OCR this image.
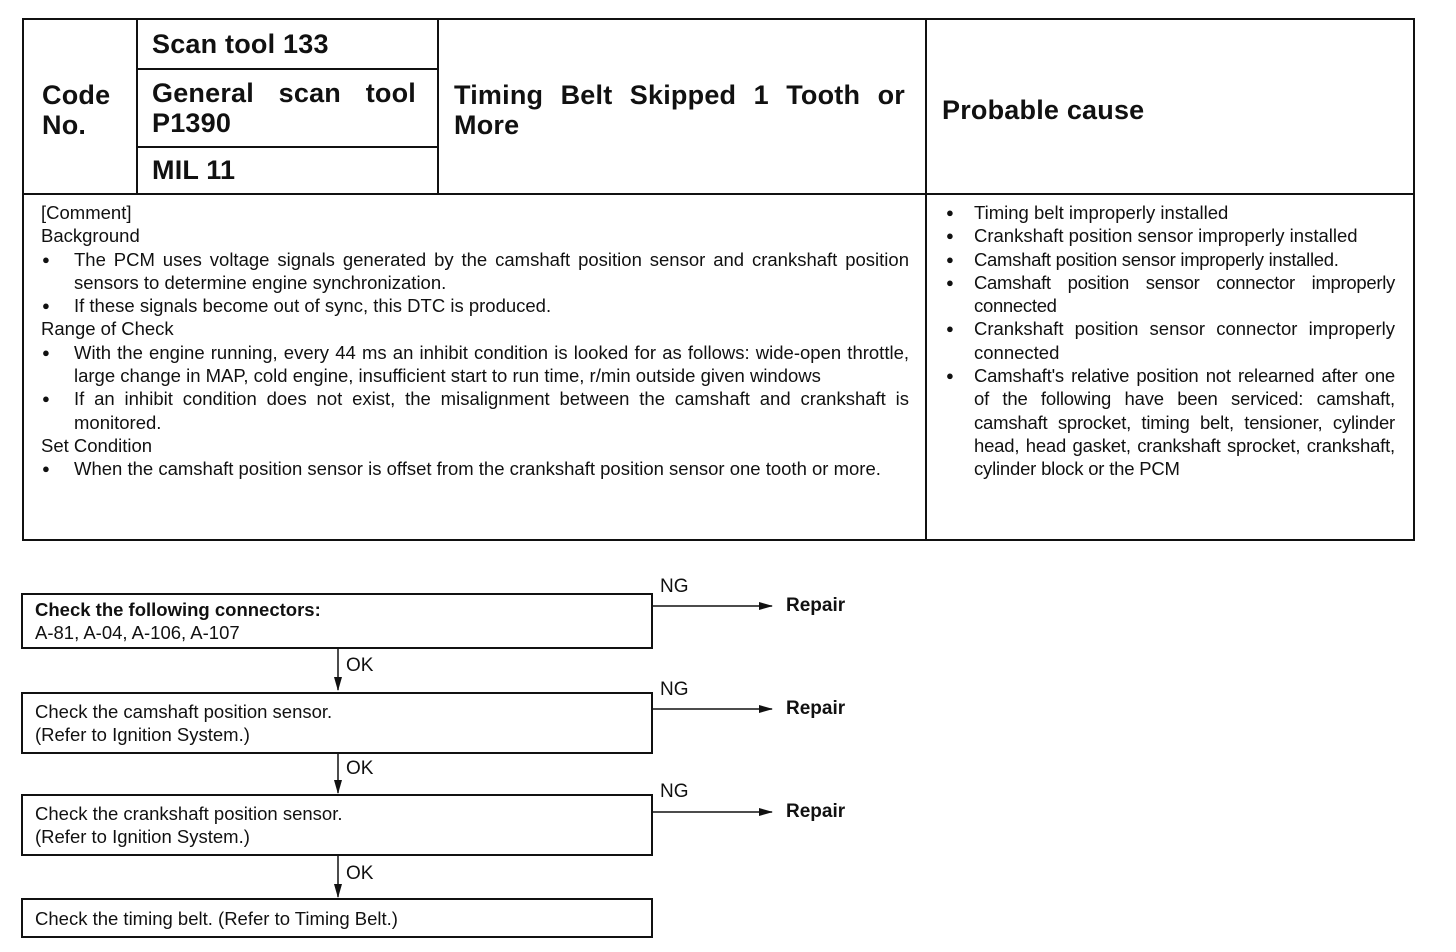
Code No.
Scan tool 133
General scan tool P1390
MIL 11
Timing Belt Skipped 1 Tooth or More	Probable cause
[Comment]
Background
● The PCM uses voltage signals generated by the camshaft position sensor and crankshaft position sensors to determine engine synchronization.
● If these signals become out of sync, this DTC is produced.
Range of Check
● With the engine running, every 44 ms an inhibit condition is looked for as follows: wide-open throttle, large change in MAP, cold engine, insufficient start to run time, r/min outside given windows
● If an inhibit condition does not exist, the misalignment between the camshaft and crankshaft is monitored.
Set Condition
● When the camshaft position sensor is offset from the crankshaft position sensor one tooth or more.
● Timing belt improperly installed
● Crankshaft position sensor improperly installed
● Camshaft position sensor improperly installed.
● Camshaft position sensor connector improperly connected
● Crankshaft position sensor connector improperly connected
● Camshaft's relative position not relearned after one of the following have been serviced: camshaft, camshaft sprocket, timing belt, tensioner, cylinder head, head gasket, crankshaft sprocket, crankshaft, cylinder block or the PCM
Check the following connectors:
A-81, A-04, A-106, A-107
Check the camshaft position sensor.
(Refer to Ignition System.)
Check the crankshaft position sensor.
(Refer to Ignition System.)
Check the timing belt. (Refer to Timing Belt.)
NG
NG
NG
Repair
Repair
Repair
OK
OK
OK
